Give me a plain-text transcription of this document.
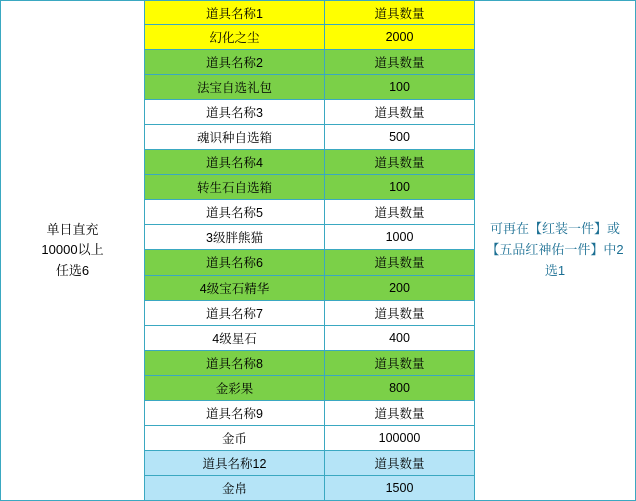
单日直充
10000以上
任选6
道具名称1	道具数量
幻化之尘	2000
道具名称2	道具数量
法宝自选礼包	100
道具名称3	道具数量
魂识种自选箱	500
道具名称4	道具数量
转生石自选箱	100
道具名称5	道具数量
3级胖熊猫	1000
道具名称6	道具数量
4级宝石精华	200
道具名称7	道具数量
4级星石	400
道具名称8	道具数量
金彩果	800
道具名称9	道具数量
金币	100000
道具名称12	道具数量
金帛	1500
可再在【红装一件】或【五品红神佑一件】中2选1
